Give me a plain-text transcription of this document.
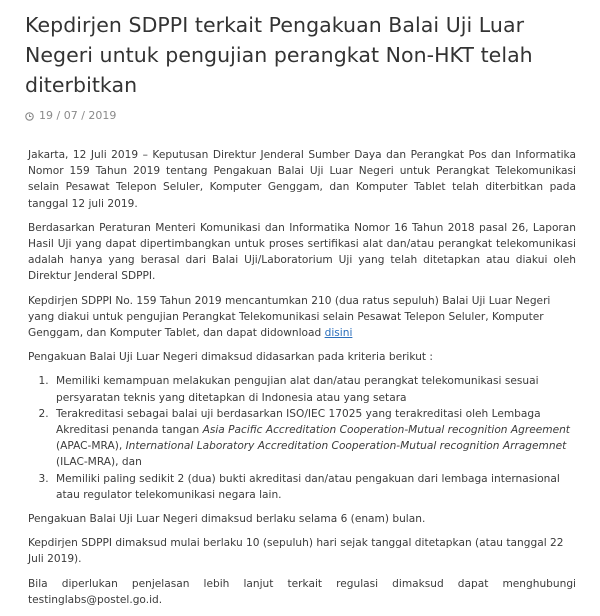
Kepdirjen SDPPI terkait Pengakuan Balai Uji Luar Negeri untuk pengujian perangkat Non-HKT telah diterbitkan
19 / 07 / 2019

Jakarta, 12 Juli 2019 – Keputusan Direktur Jenderal Sumber Daya dan Perangkat Pos dan Informatika Nomor 159 Tahun 2019 tentang Pengakuan Balai Uji Luar Negeri untuk Perangkat Telekomunikasi selain Pesawat Telepon Seluler, Komputer Genggam, dan Komputer Tablet telah diterbitkan pada tanggal 12 juli 2019.

Berdasarkan Peraturan Menteri Komunikasi dan Informatika Nomor 16 Tahun 2018 pasal 26, Laporan Hasil Uji yang dapat dipertimbangkan untuk proses sertifikasi alat dan/atau perangkat telekomunikasi adalah hanya yang berasal dari Balai Uji/Laboratorium Uji yang telah ditetapkan atau diakui oleh Direktur Jenderal SDPPI.

Kepdirjen SDPPI No. 159 Tahun 2019 mencantumkan 210 (dua ratus sepuluh) Balai Uji Luar Negeri yang diakui untuk pengujian Perangkat Telekomunikasi selain Pesawat Telepon Seluler, Komputer Genggam, dan Komputer Tablet, dan dapat didownload disini

Pengakuan Balai Uji Luar Negeri dimaksud didasarkan pada kriteria berikut :

1. Memiliki kemampuan melakukan pengujian alat dan/atau perangkat telekomunikasi sesuai persyaratan teknis yang ditetapkan di Indonesia atau yang setara
2. Terakreditasi sebagai balai uji berdasarkan ISO/IEC 17025 yang terakreditasi oleh Lembaga Akreditasi penanda tangan Asia Pacific Accreditation Cooperation-Mutual recognition Agreement (APAC-MRA), International Laboratory Accreditation Cooperation-Mutual recognition Arragemnet (ILAC-MRA), dan
3. Memiliki paling sedikit 2 (dua) bukti akreditasi dan/atau pengakuan dari lembaga internasional atau regulator telekomunikasi negara lain.

Pengakuan Balai Uji Luar Negeri dimaksud berlaku selama 6 (enam) bulan.

Kepdirjen SDPPI dimaksud mulai berlaku 10 (sepuluh) hari sejak tanggal ditetapkan (atau tanggal 22 Juli 2019).

Bila diperlukan penjelasan lebih lanjut terkait regulasi dimaksud dapat menghubungi testinglabs@postel.go.id.
